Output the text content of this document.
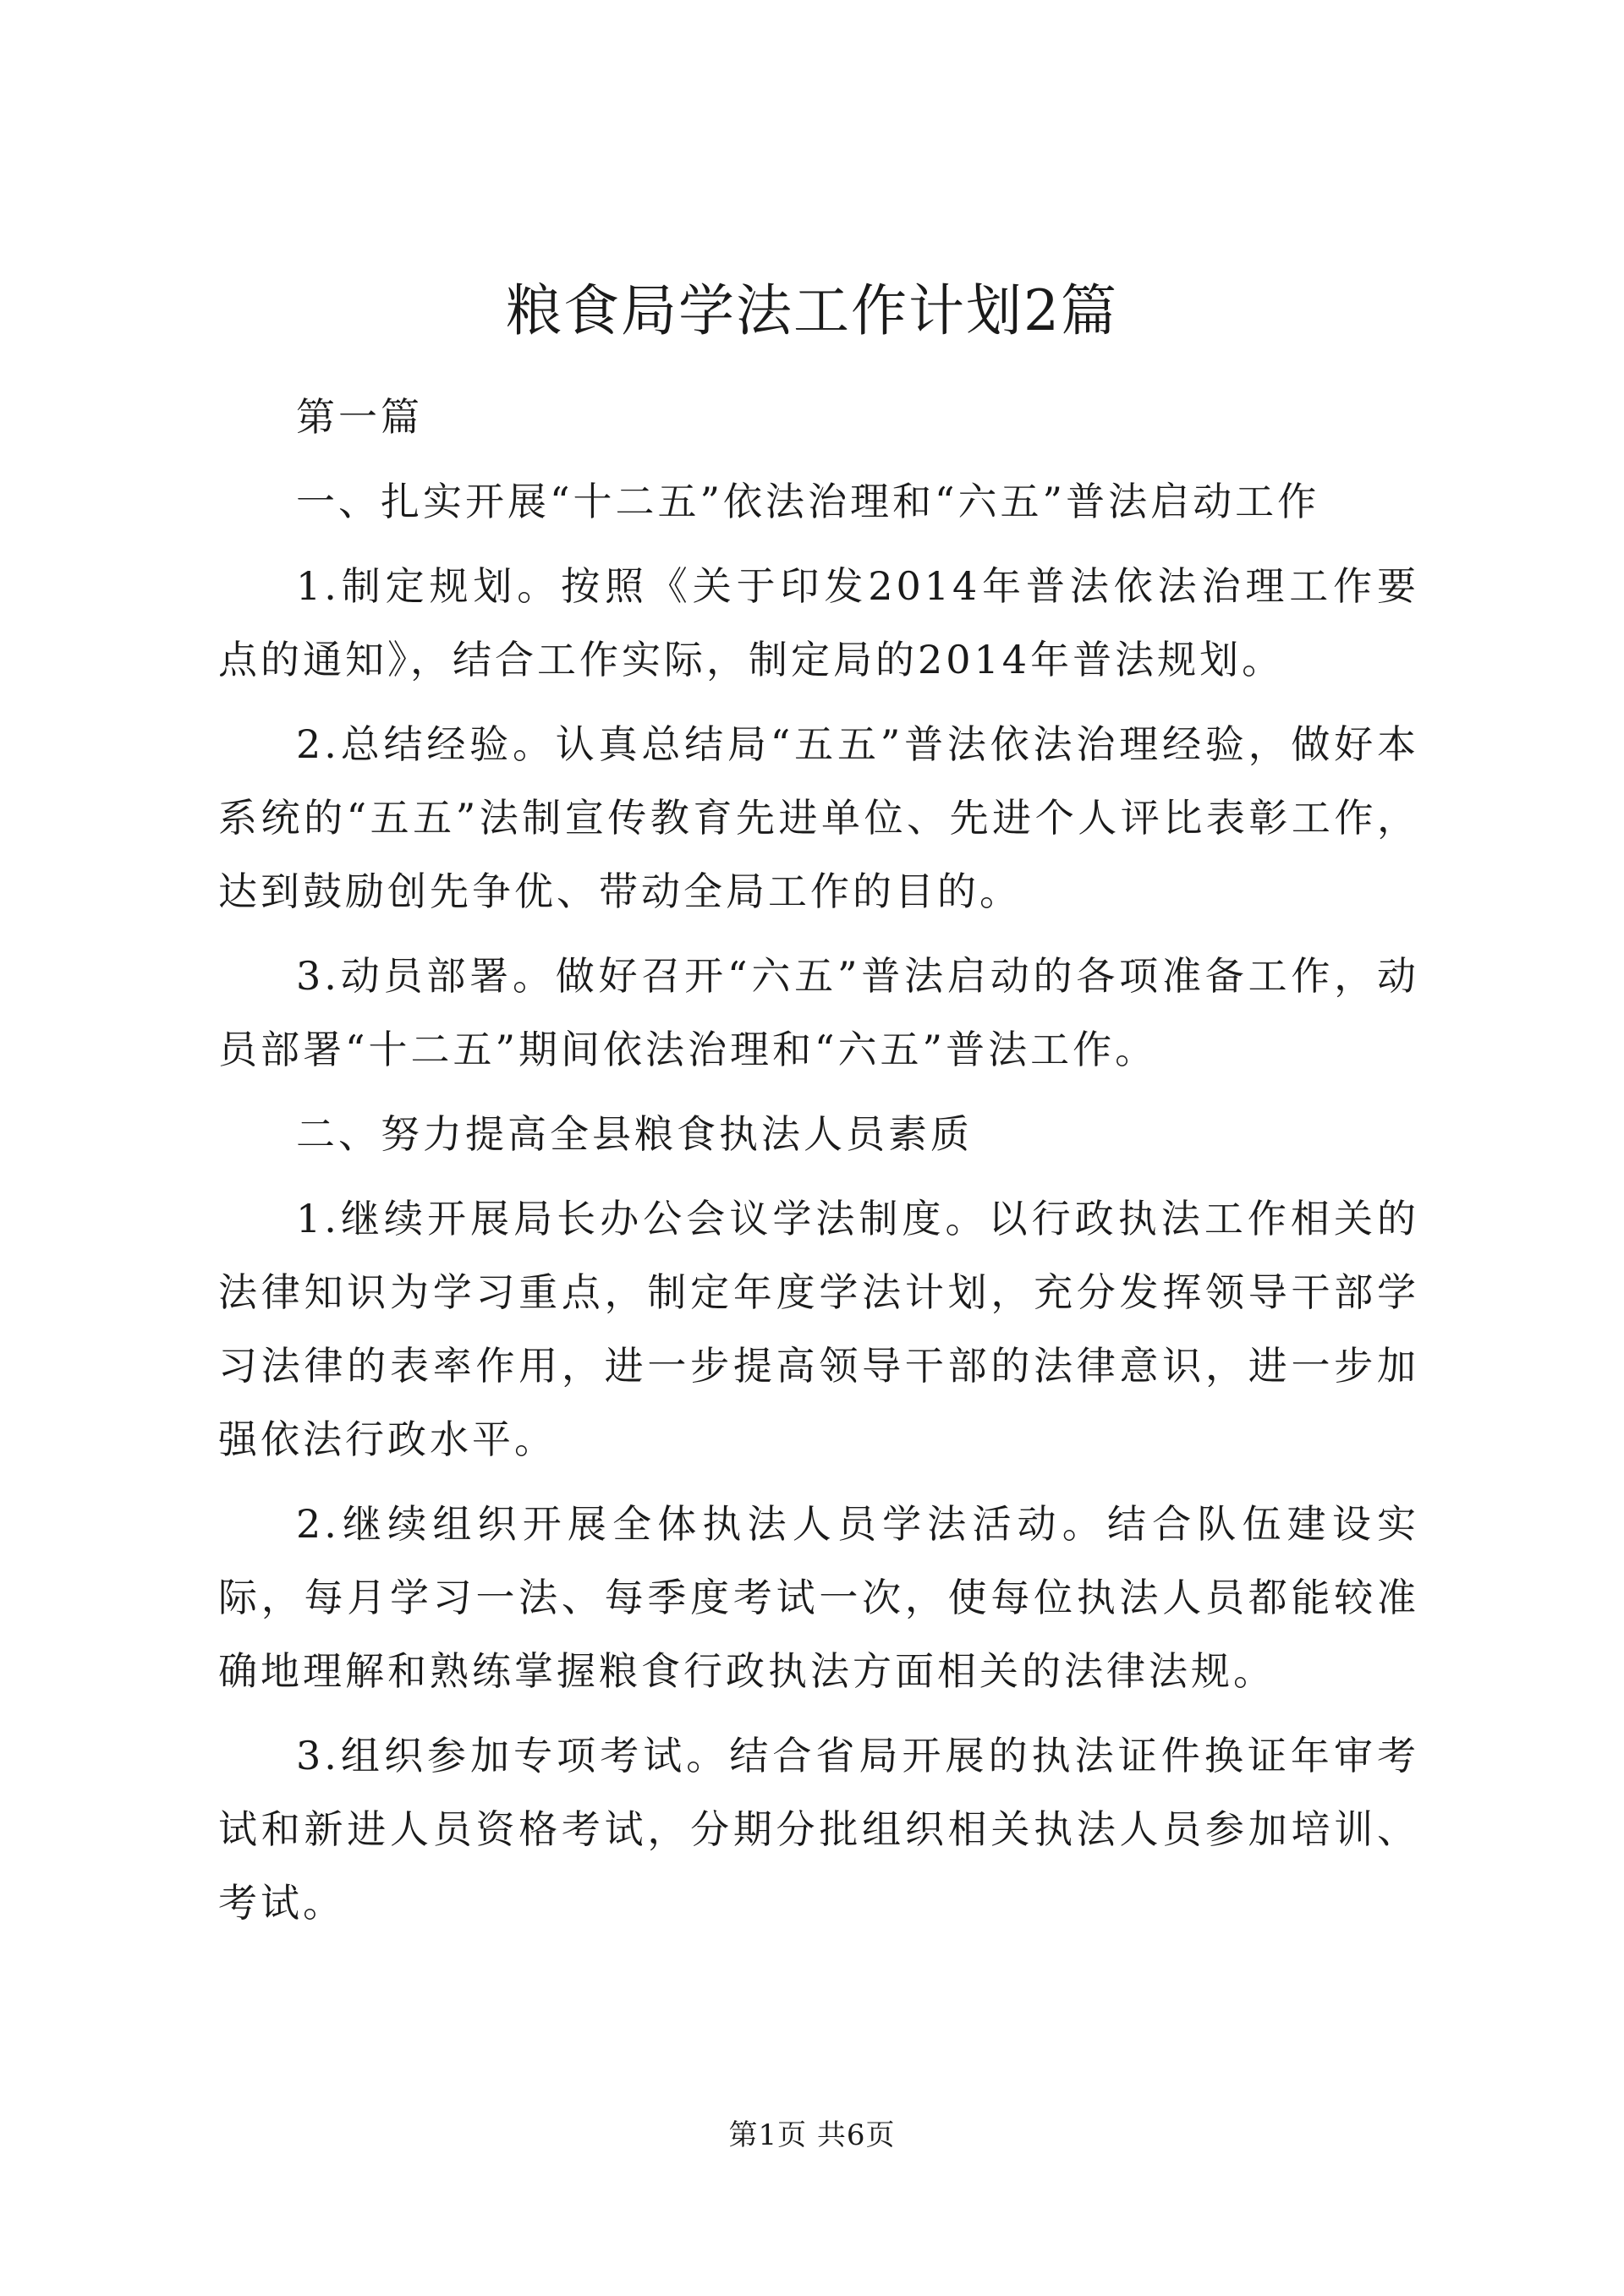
粮食局学法工作计划2篇

第一篇

一、扎实开展“十二五”依法治理和“六五”普法启动工作

1.制定规划。按照《关于印发2014年普法依法治理工作要点的通知》，结合工作实际，制定局的2014年普法规划。

2.总结经验。认真总结局“五五”普法依法治理经验，做好本系统的“五五”法制宣传教育先进单位、先进个人评比表彰工作，达到鼓励创先争优、带动全局工作的目的。

3.动员部署。做好召开“六五”普法启动的各项准备工作，动员部署“十二五”期间依法治理和“六五”普法工作。

二、努力提高全县粮食执法人员素质

1.继续开展局长办公会议学法制度。以行政执法工作相关的法律知识为学习重点，制定年度学法计划，充分发挥领导干部学习法律的表率作用，进一步提高领导干部的法律意识，进一步加强依法行政水平。

2.继续组织开展全体执法人员学法活动。结合队伍建设实际，每月学习一法、每季度考试一次，使每位执法人员都能较准确地理解和熟练掌握粮食行政执法方面相关的法律法规。

3.组织参加专项考试。结合省局开展的执法证件换证年审考试和新进人员资格考试，分期分批组织相关执法人员参加培训、考试。

第1页 共6页
